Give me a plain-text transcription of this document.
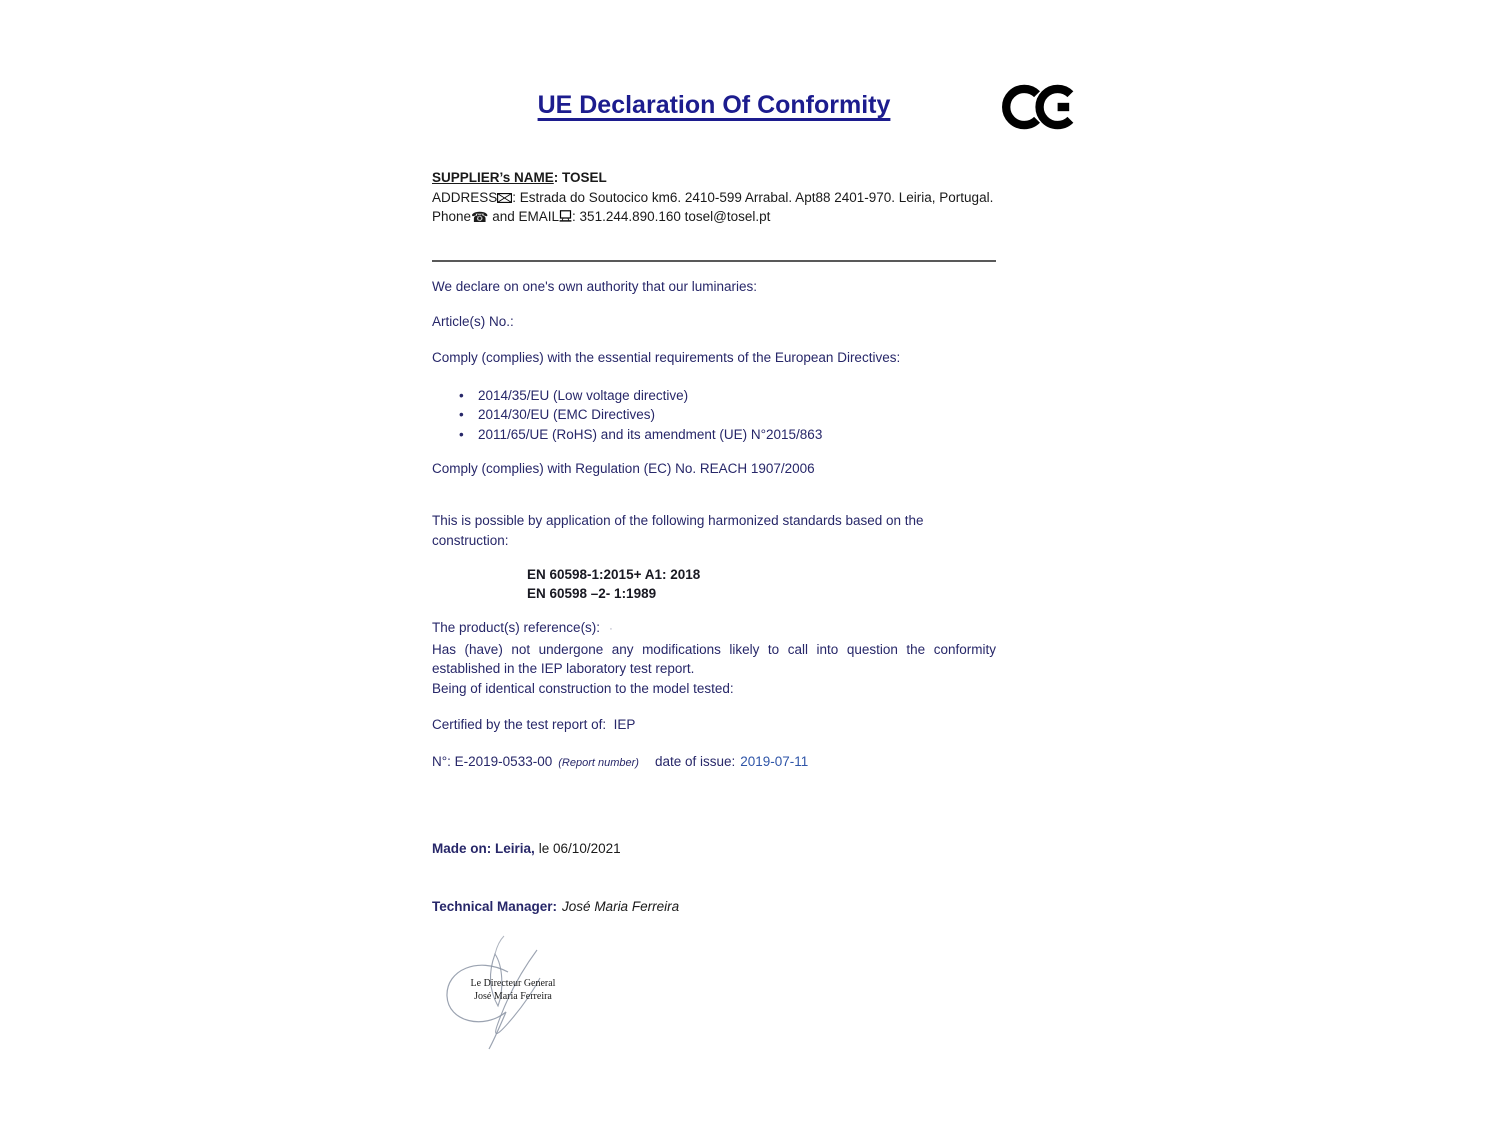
UE Declaration Of Conformity

SUPPLIER’s NAME: TOSEL

ADDRESS : Estrada do Soutocico km6. 2410-599 Arrabal. Apt88 2401-970. Leiria, Portugal.

Phone☎ and EMAIL : 351.244.890.160 tosel@tosel.pt

We declare on one's own authority that our luminaries:

Article(s) No.:

Comply (complies) with the essential requirements of the European Directives:

• 2014/35/EU (Low voltage directive)
• 2014/30/EU (EMC Directives)
• 2011/65/UE (RoHS) and its amendment (UE) N°2015/863

Comply (complies) with Regulation (EC) No. REACH 1907/2006

This is possible by application of the following harmonized standards based on the construction:

EN 60598-1:2015+ A1: 2018

EN 60598 –2- 1:1989

The product(s) reference(s): ·

Has (have) not undergone any modifications likely to call into question the conformity established in the IEP laboratory test report.

Being of identical construction to the model tested:

Certified by the test report of:  IEP

N°: E-2019-0533-00 (Report number) date of issue: 2019-07-11

Made on: Leiria, le 06/10/2021

Technical Manager: José Maria Ferreira

Le Directeur General

José Maria Ferreira
